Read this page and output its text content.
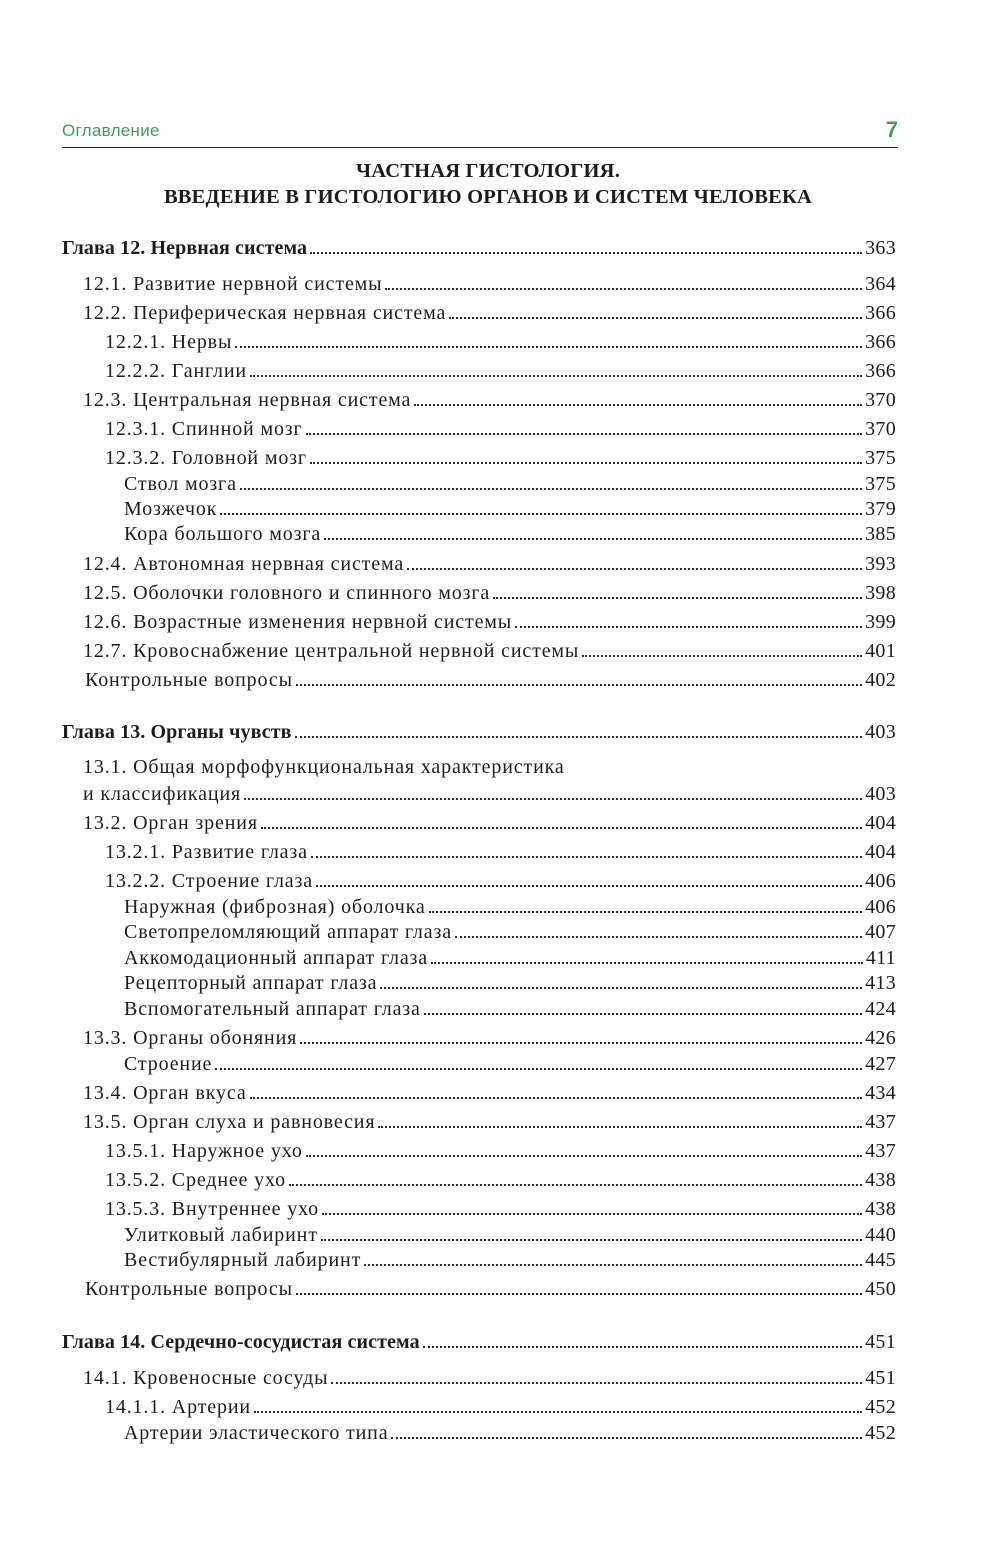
Оглавление	7
ЧАСТНАЯ ГИСТОЛОГИЯ.
ВВЕДЕНИЕ В ГИСТОЛОГИЮ ОРГАНОВ И СИСТЕМ ЧЕЛОВЕКА
Глава 12. Нервная система	363
12.1. Развитие нервной системы	364
12.2. Периферическая нервная система	366
12.2.1. Нервы	366
12.2.2. Ганглии	366
12.3. Центральная нервная система	370
12.3.1. Спинной мозг	370
12.3.2. Головной мозг	375
Ствол мозга	375
Мозжечок	379
Кора большого мозга	385
12.4. Автономная нервная система	393
12.5. Оболочки головного и спинного мозга	398
12.6. Возрастные изменения нервной системы	399
12.7. Кровоснабжение центральной нервной системы	401
Контрольные вопросы	402
Глава 13. Органы чувств	403
13.1. Общая морфофункциональная характеристика
и классификация	403
13.2. Орган зрения	404
13.2.1. Развитие глаза	404
13.2.2. Строение глаза	406
Наружная (фиброзная) оболочка	406
Светопреломляющий аппарат глаза	407
Аккомодационный аппарат глаза	411
Рецепторный аппарат глаза	413
Вспомогательный аппарат глаза	424
13.3. Органы обоняния	426
Строение	427
13.4. Орган вкуса	434
13.5. Орган слуха и равновесия	437
13.5.1. Наружное ухо	437
13.5.2. Среднее ухо	438
13.5.3. Внутреннее ухо	438
Улитковый лабиринт	440
Вестибулярный лабиринт	445
Контрольные вопросы	450
Глава 14. Сердечно-сосудистая система	451
14.1. Кровеносные сосуды	451
14.1.1. Артерии	452
Артерии эластического типа	452
